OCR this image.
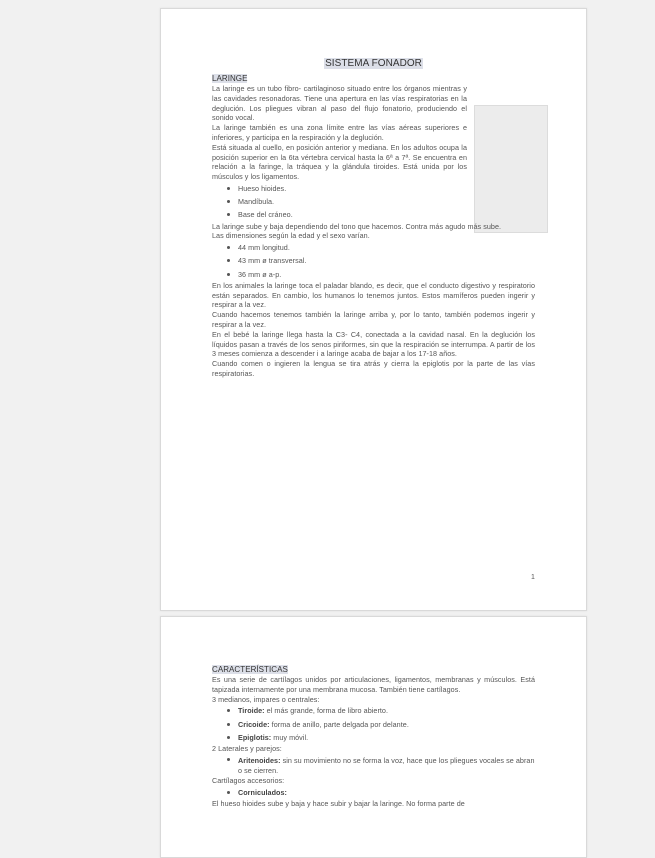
SISTEMA FONADOR
LARINGE

La laringe es un tubo fibro- cartilaginoso situado entre los órganos mientras y las cavidades resonadoras. Tiene una apertura en las vías respiratorias en la deglución. Los pliegues vibran al paso del flujo fonatorio, produciendo el sonido vocal.

La laringe también es una zona límite entre las vías aéreas superiores e inferiores, y participa en la respiración y la deglución.

Está situada al cuello, en posición anterior y mediana. En los adultos ocupa la posición superior en la 6ta vértebra cervical hasta la 6ª a 7ª. Se encuentra en relación a la faringe, la tráquea y la glándula tiroides. Está unida por los músculos y los ligamentos.

Hueso hioides.
Mandíbula.
Base del cráneo.

La laringe sube y baja dependiendo del tono que hacemos. Contra más agudo más sube.

Las dimensiones según la edad y el sexo varían.

44 mm longitud.
43 mm ø transversal.
36 mm ø a-p.

En los animales la laringe toca el paladar blando, es decir, que el conducto digestivo y respiratorio están separados. En cambio, los humanos lo tenemos juntos. Estos mamíferos pueden ingerir y respirar a la vez.

Cuando hacemos tenemos también la laringe arriba y, por lo tanto, también podemos ingerir y respirar a la vez.

En el bebé la laringe llega hasta la C3- C4, conectada a la cavidad nasal. En la deglución los líquidos pasan a través de los senos piriformes, sin que la respiración se interrumpa. A partir de los 3 meses comienza a descender i a laringe acaba de bajar a los 17-18 años.

Cuando comen o ingieren la lengua se tira atrás y cierra la epiglotis por la parte de las vías respiratorias.

1
CARACTERÍSTICAS

Es una serie de cartílagos unidos por articulaciones, ligamentos, membranas y músculos. Está tapizada internamente por una membrana mucosa. También tiene cartílagos.

3 medianos, impares o centrales:

Tiroide: el más grande, forma de libro abierto.
Cricoide: forma de anillo, parte delgada por delante.
Epiglotis: muy móvil.

2 Laterales y parejos:

Aritenoides: sin su movimiento no se forma la voz, hace que los pliegues vocales se abran o se cierren.

Cartílagos accesorios:

Corniculados:

El hueso hioides sube y baja y hace subir y bajar la laringe. No forma parte de
